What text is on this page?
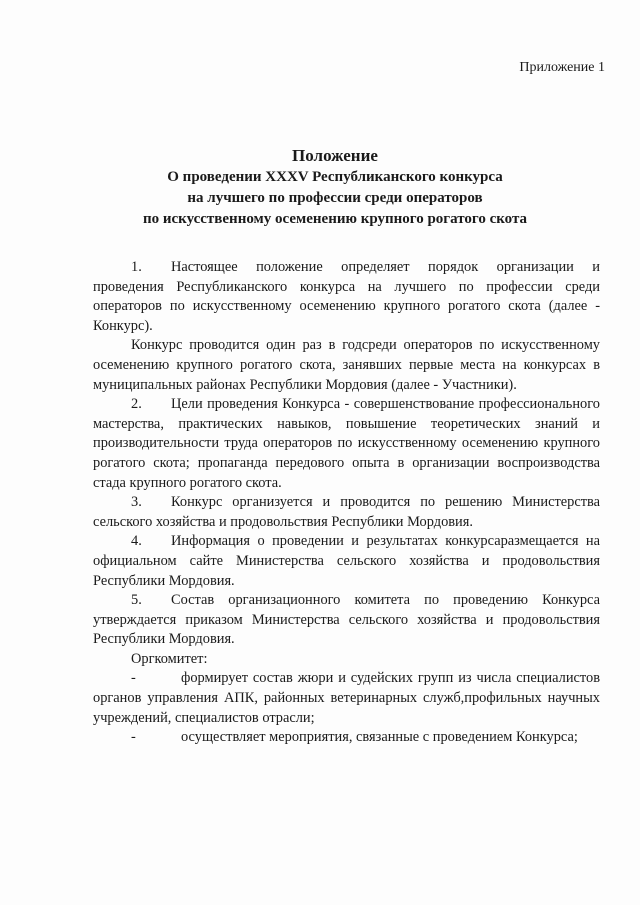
Приложение 1
Положение
О проведении XXXV Республиканского конкурса
на лучшего по профессии среди операторов
по искусственному осеменению крупного рогатого скота

1. Настоящее положение определяет порядок организации и проведения Республиканского конкурса на лучшего по профессии среди операторов по искусственному осеменению крупного рогатого скота (далее - Конкурс).

Конкурс проводится один раз в годсреди операторов по искусственному осеменению крупного рогатого скота, занявших первые места на конкурсах в муниципальных районах Республики Мордовия (далее - Участники).

2. Цели проведения Конкурса - совершенствование профессионального мастерства, практических навыков, повышение теоретических знаний и производительности труда операторов по искусственному осеменению крупного рогатого скота; пропаганда передового опыта в организации воспроизводства стада крупного рогатого скота.

3. Конкурс организуется и проводится по решению Министерства сельского хозяйства и продовольствия Республики Мордовия.

4. Информация о проведении и результатах конкурсаразмещается на официальном сайте Министерства сельского хозяйства и продовольствия Республики Мордовия.

5. Состав организационного комитета по проведению Конкурса утверждается приказом Министерства сельского хозяйства и продовольствия Республики Мордовия.

Оргкомитет:

-	формирует состав жюри и судейских групп из числа специалистов органов управления АПК, районных ветеринарных служб,профильных научных учреждений, специалистов отрасли;

-	осуществляет мероприятия, связанные с проведением Конкурса;
